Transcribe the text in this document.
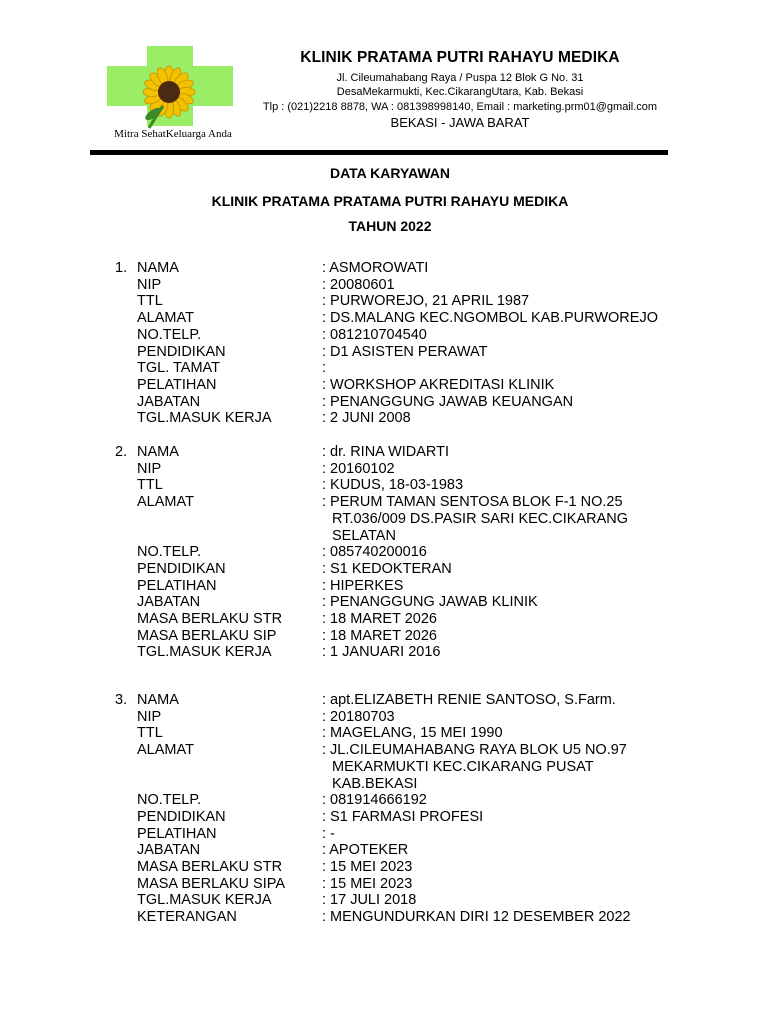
Mitra SehatKeluarga Anda
KLINIK PRATAMA PUTRI RAHAYU MEDIKA
Jl. Cileumahabang Raya / Puspa 12 Blok G No. 31
DesaMekarmukti, Kec.CikarangUtara, Kab. Bekasi
Tlp : (021)2218 8878, WA : 081398998140, Email : marketing.prm01@gmail.com
BEKASI - JAWA BARAT
DATA KARYAWAN
KLINIK PRATAMA PRATAMA PUTRI RAHAYU MEDIKA
TAHUN 2022
1. NAMA	: ASMOROWATI
NIP	: 20080601
TTL	: PURWOREJO, 21 APRIL 1987
ALAMAT	: DS.MALANG KEC.NGOMBOL KAB.PURWOREJO
NO.TELP.	: 081210704540
PENDIDIKAN	: D1 ASISTEN PERAWAT
TGL. TAMAT	:
PELATIHAN	: WORKSHOP AKREDITASI KLINIK
JABATAN	: PENANGGUNG JAWAB KEUANGAN
TGL.MASUK KERJA	: 2 JUNI 2008
2. NAMA	: dr. RINA WIDARTI
NIP	: 20160102
TTL	: KUDUS, 18-03-1983
ALAMAT	: PERUM TAMAN SENTOSA BLOK F-1 NO.25
RT.036/009 DS.PASIR SARI KEC.CIKARANG
SELATAN
NO.TELP.	: 085740200016
PENDIDIKAN	: S1 KEDOKTERAN
PELATIHAN	: HIPERKES
JABATAN	: PENANGGUNG JAWAB KLINIK
MASA BERLAKU STR	: 18 MARET 2026
MASA BERLAKU SIP	: 18 MARET 2026
TGL.MASUK KERJA	: 1 JANUARI 2016
3. NAMA	: apt.ELIZABETH RENIE SANTOSO, S.Farm.
NIP	: 20180703
TTL	: MAGELANG, 15 MEI 1990
ALAMAT	: JL.CILEUMAHABANG RAYA BLOK U5 NO.97
MEKARMUKTI KEC.CIKARANG PUSAT
KAB.BEKASI
NO.TELP.	: 081914666192
PENDIDIKAN	: S1 FARMASI PROFESI
PELATIHAN	: -
JABATAN	: APOTEKER
MASA BERLAKU STR	: 15 MEI 2023
MASA BERLAKU SIPA	: 15 MEI 2023
TGL.MASUK KERJA	: 17 JULI 2018
KETERANGAN	: MENGUNDURKAN DIRI 12 DESEMBER 2022
